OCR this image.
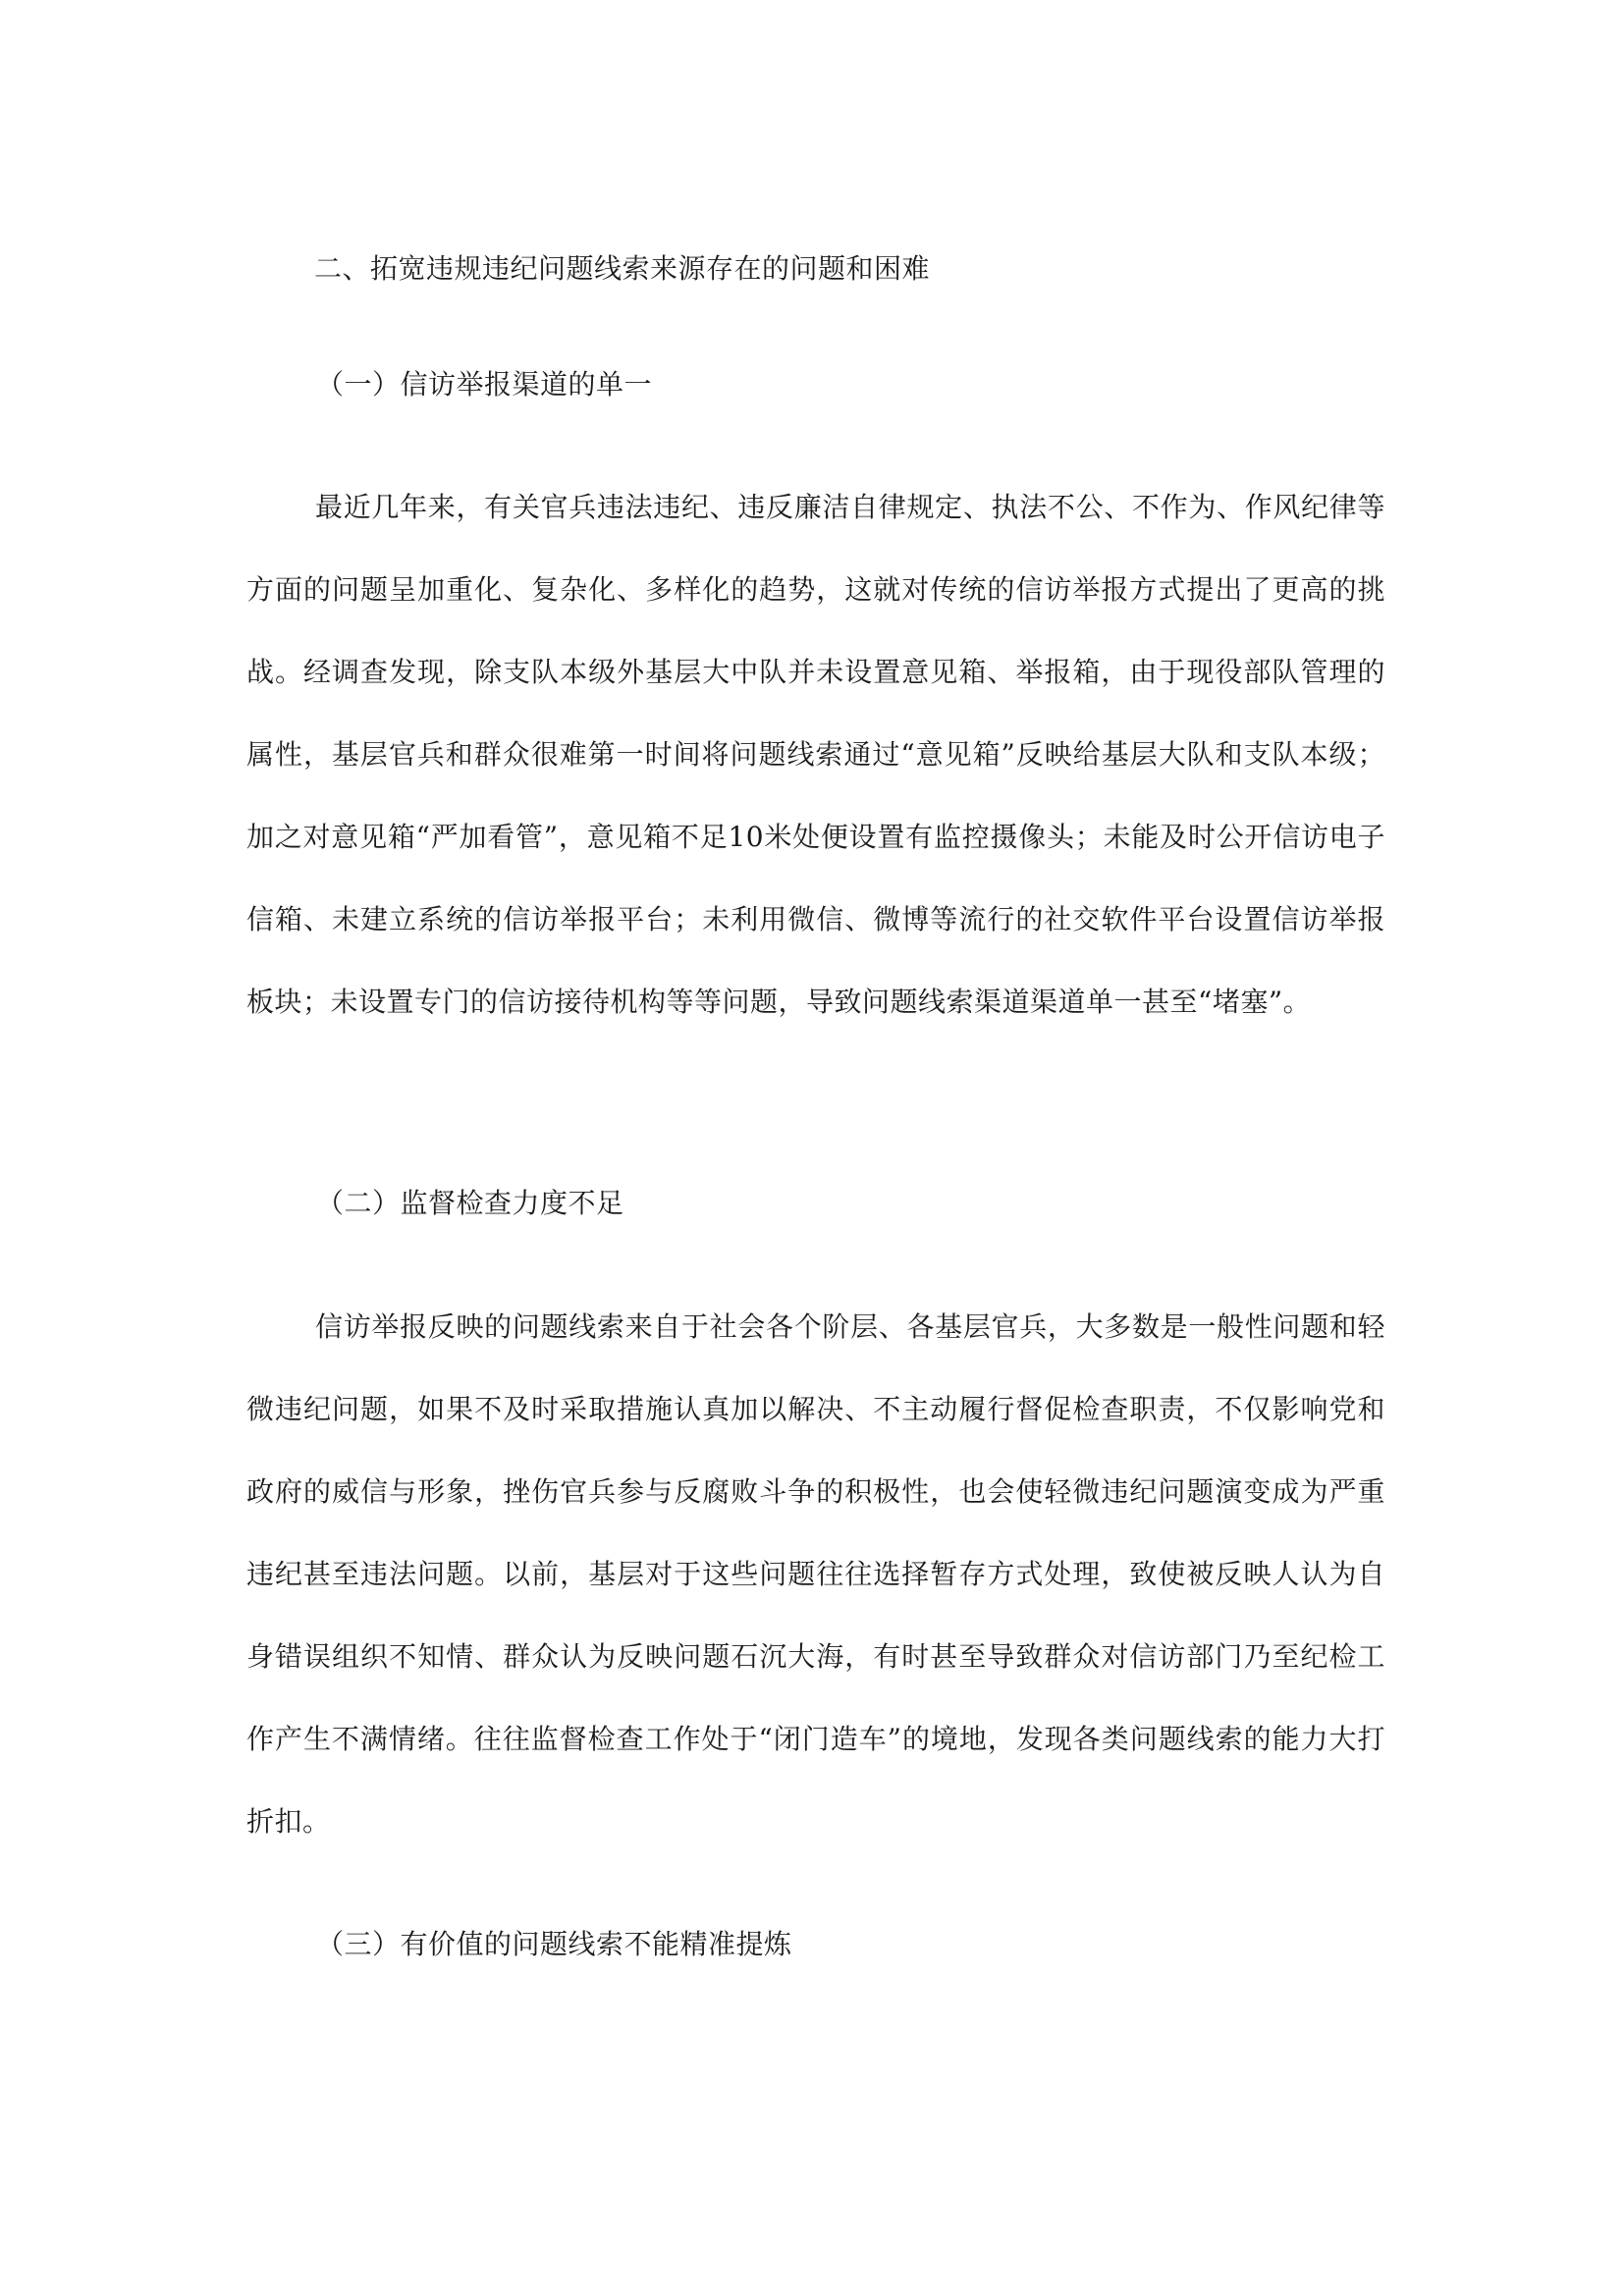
二、拓宽违规违纪问题线索来源存在的问题和困难
（一）信访举报渠道的单一
最近几年来，有关官兵违法违纪、违反廉洁自律规定、执法不公、不作为、作风纪律等方面的问题呈加重化、复杂化、多样化的趋势，这就对传统的信访举报方式提出了更高的挑战。经调查发现，除支队本级外基层大中队并未设置意见箱、举报箱，由于现役部队管理的属性，基层官兵和群众很难第一时间将问题线索通过“意见箱”反映给基层大队和支队本级；加之对意见箱“严加看管”，意见箱不足10米处便设置有监控摄像头；未能及时公开信访电子信箱、未建立系统的信访举报平台；未利用微信、微博等流行的社交软件平台设置信访举报板块；未设置专门的信访接待机构等等问题，导致问题线索渠道渠道单一甚至“堵塞”。
（二）监督检查力度不足
信访举报反映的问题线索来自于社会各个阶层、各基层官兵，大多数是一般性问题和轻微违纪问题，如果不及时采取措施认真加以解决、不主动履行督促检查职责，不仅影响党和政府的威信与形象，挫伤官兵参与反腐败斗争的积极性，也会使轻微违纪问题演变成为严重违纪甚至违法问题。以前，基层对于这些问题往往选择暂存方式处理，致使被反映人认为自身错误组织不知情、群众认为反映问题石沉大海，有时甚至导致群众对信访部门乃至纪检工作产生不满情绪。往往监督检查工作处于“闭门造车”的境地，发现各类问题线索的能力大打折扣。
（三）有价值的问题线索不能精准提炼
